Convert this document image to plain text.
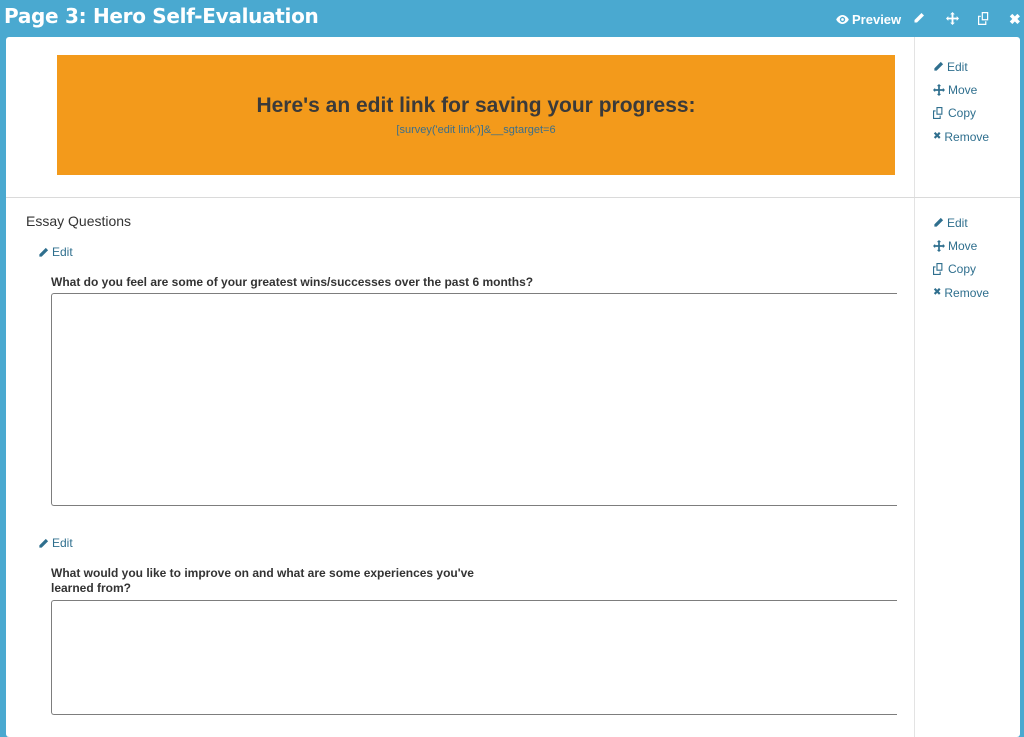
Page 3: Hero Self-Evaluation	Preview	✖
Here's an edit link for saving your progress:
[survey('edit link')]&__sgtarget=6
Edit
Move
Copy
✖ Remove
Essay Questions	Edit
Move
Copy
✖ Remove
Edit
What do you feel are some of your greatest wins/successes over the past 6 months?
Edit
What would you like to improve on and what are some experiences you've
learned from?
